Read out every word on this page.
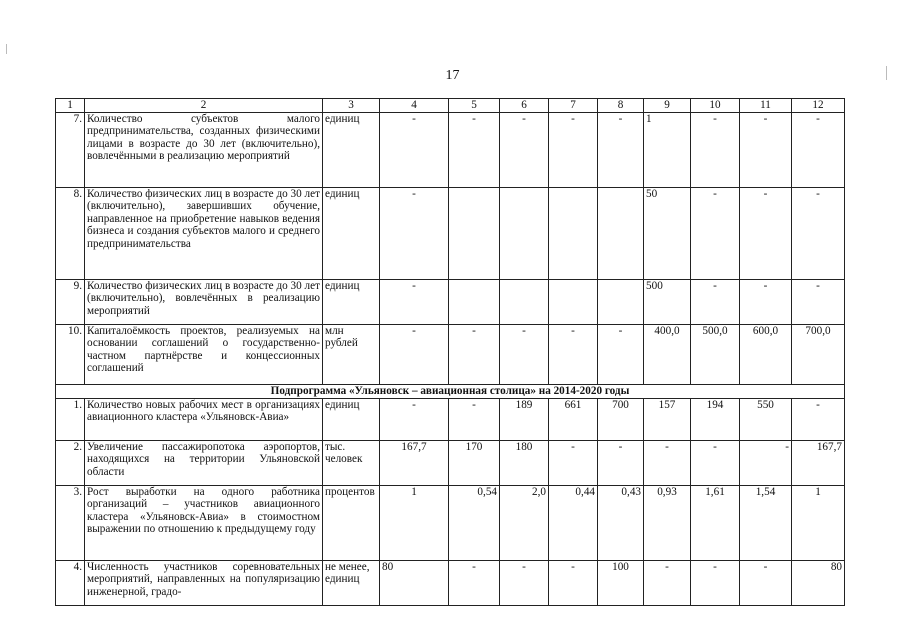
17
1	2	3	4	5	6	7	8	9	10	11	12
7.	Количество субъектов малого предпринимательства, созданных физическими лицами в возрасте до 30 лет (включительно), вовлечёнными в реализацию мероприятий	единиц	-	-	-	-	-	1	-	-	-
8.	Количество физических лиц в возрасте до 30 лет (включительно), завершивших обучение, направленное на приобретение навыков ведения бизнеса и создания субъектов малого и среднего предпринимательства	единиц	-					50	-	-	-
9.	Количество физических лиц в возрасте до 30 лет (включительно), вовлечённых в реализацию мероприятий	единиц	-					500	-	-	-
10.	Капиталоёмкость проектов, реализуемых на основании соглашений о государственно-частном партнёрстве и концессионных соглашений	млн рублей	-	-	-	-	-	400,0	500,0	600,0	700,0
Подпрограмма «Ульяновск – авиационная столица» на 2014-2020 годы											
1.	Количество новых рабочих мест в организациях авиационного кластера «Ульяновск-Авиа»	единиц	-	-	189	661	700	157	194	550	-
2.	Увеличение пассажиропотока аэропортов, находящихся на территории Ульяновской области	тыс. человек	167,7	170	180	-	-	-	-	-	167,7
3.	Рост выработки на одного работника организаций – участников авиационного кластера «Ульяновск-Авиа» в стоимостном выражении по отношению к предыдущему году	процентов	1	0,54	2,0	0,44	0,43	0,93	1,61	1,54	1
4.	Численность участников соревновательных мероприятий, направленных на популяризацию инженерной, градо-	не менее, единиц	80	-	-	-	100	-	-	-	80
